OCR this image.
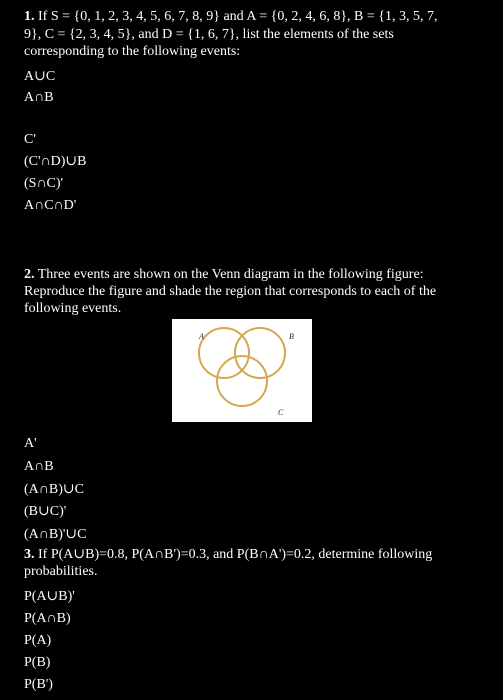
1. If S = {0, 1, 2, 3, 4, 5, 6, 7, 8, 9} and A = {0, 2, 4, 6, 8}, B = {1, 3, 5, 7,
9}, C = {2, 3, 4, 5}, and D = {1, 6, 7}, list the elements of the sets
corresponding to the following events:
A∪C
A∩B
C'
(C'∩D)∪B
(S∩C)'
A∩C∩D'
2. Three events are shown on the Venn diagram in the following figure:
Reproduce the figure and shade the region that corresponds to each of the
following events.
A	B
C
A'
A∩B
(A∩B)∪C
(B∪C)'
(A∩B)'∪C
3. If P(A∪B)=0.8, P(A∩B')=0.3, and P(B∩A')=0.2, determine following
probabilities.
P(A∪B)'
P(A∩B)
P(A)
P(B)
P(B')
